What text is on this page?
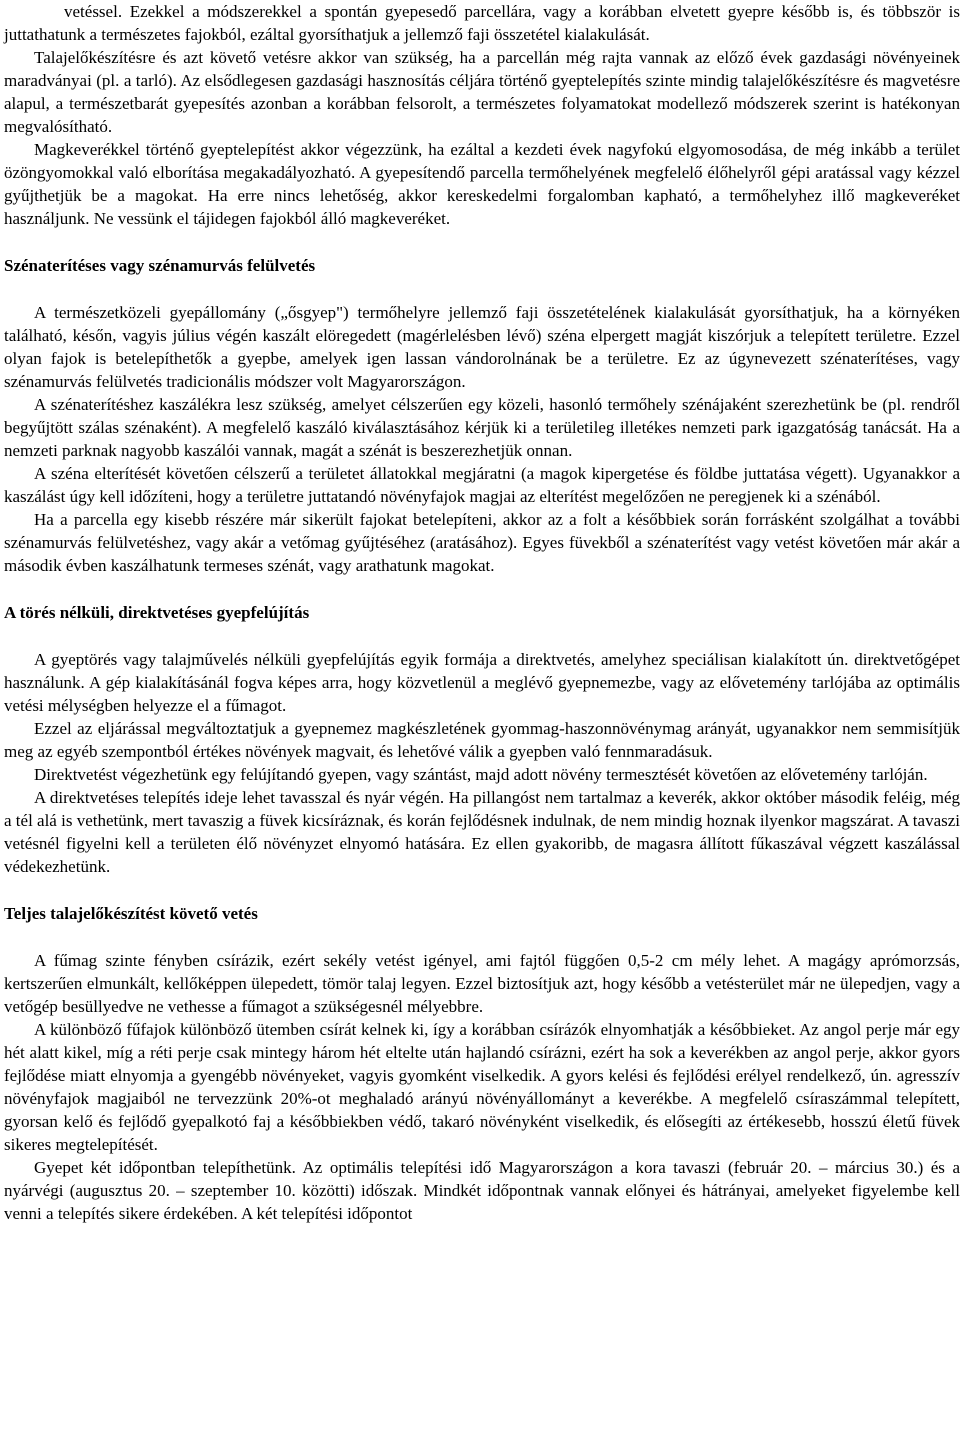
vetéssel. Ezekkel a módszerekkel a spontán gyepesedő parcellára, vagy a korábban elvetett gyepre később is, és többször is juttathatunk a természetes fajokból, ezáltal gyorsíthatjuk a jellemző faji összetétel kialakulását.

Talajelőkészítésre és azt követő vetésre akkor van szükség, ha a parcellán még rajta vannak az előző évek gazdasági növényeinek maradványai (pl. a tarló). Az elsődlegesen gazdasági hasznosítás céljára történő gyeptelepítés szinte mindig talajelőkészítésre és magvetésre alapul, a természetbarát gyepesítés azonban a korábban felsorolt, a természetes folyamatokat modellező módszerek szerint is hatékonyan megvalósítható.

Magkeverékkel történő gyeptelepítést akkor végezzünk, ha ezáltal a kezdeti évek nagyfokú elgyomosodása, de még inkább a terület özöngyomokkal való elborítása megakadályozható. A gyepesítendő parcella termőhelyének megfelelő élőhelyről gépi aratással vagy kézzel gyűjthetjük be a magokat. Ha erre nincs lehetőség, akkor kereskedelmi forgalomban kapható, a termőhelyhez illő magkeveréket használjunk. Ne vessünk el tájidegen fajokból álló magkeveréket.

Szénaterítéses vagy szénamurvás felülvetés

A természetközeli gyepállomány („ősgyep") termőhelyre jellemző faji összetételének kialakulását gyorsíthatjuk, ha a környéken található, későn, vagyis július végén kaszált elöregedett (magérlelésben lévő) széna elpergett magját kiszórjuk a telepített területre. Ezzel olyan fajok is betelepíthetők a gyepbe, amelyek igen lassan vándorolnának be a területre. Ez az úgynevezett szénaterítéses, vagy szénamurvás felülvetés tradicionális módszer volt Magyarországon.

A szénaterítéshez kaszálékra lesz szükség, amelyet célszerűen egy közeli, hasonló termőhely szénájaként szerezhetünk be (pl. rendről begyűjtött szálas szénaként). A megfelelő kaszáló kiválasztásához kérjük ki a területileg illetékes nemzeti park igazgatóság tanácsát. Ha a nemzeti parknak nagyobb kaszálói vannak, magát a szénát is beszerezhetjük onnan.

A széna elterítését követően célszerű a területet állatokkal megjáratni (a magok kipergetése és földbe juttatása végett). Ugyanakkor a kaszálást úgy kell időzíteni, hogy a területre juttatandó növényfajok magjai az elterítést megelőzően ne peregjenek ki a szénából.

Ha a parcella egy kisebb részére már sikerült fajokat betelepíteni, akkor az a folt a későbbiek során forrásként szolgálhat a további szénamurvás felülvetéshez, vagy akár a vetőmag gyűjtéséhez (aratásához). Egyes füvekből a szénaterítést vagy vetést követően már akár a második évben kaszálhatunk termeses szénát, vagy arathatunk magokat.

A törés nélküli, direktvetéses gyepfelújítás

A gyeptörés vagy talajművelés nélküli gyepfelújítás egyik formája a direktvetés, amelyhez speciálisan kialakított ún. direktvetőgépet használunk. A gép kialakításánál fogva képes arra, hogy közvetlenül a meglévő gyepnemezbe, vagy az elővetemény tarlójába az optimális vetési mélységben helyezze el a fűmagot.

Ezzel az eljárással megváltoztatjuk a gyepnemez magkészletének gyommag-haszonnövénymag arányát, ugyanakkor nem semmisítjük meg az egyéb szempontból értékes növények magvait, és lehetővé válik a gyepben való fennmaradásuk.

Direktvetést végezhetünk egy felújítandó gyepen, vagy szántást, majd adott növény termesztését követően az elővetemény tarlóján.

A direktvetéses telepítés ideje lehet tavasszal és nyár végén. Ha pillangóst nem tartalmaz a keverék, akkor október második feléig, még a tél alá is vethetünk, mert tavaszig a füvek kicsíráznak, és korán fejlődésnek indulnak, de nem mindig hoznak ilyenkor magszárat. A tavaszi vetésnél figyelni kell a területen élő növényzet elnyomó hatására. Ez ellen gyakoribb, de magasra állított fűkaszával végzett kaszálással védekezhetünk.

Teljes talajelőkészítést követő vetés

A fűmag szinte fényben csírázik, ezért sekély vetést igényel, ami fajtól függően 0,5-2 cm mély lehet. A magágy aprómorzsás, kertszerűen elmunkált, kellőképpen ülepedett, tömör talaj legyen. Ezzel biztosítjuk azt, hogy később a vetésterület már ne ülepedjen, vagy a vetőgép besüllyedve ne vethesse a fűmagot a szükségesnél mélyebbre.

A különböző fűfajok különböző ütemben csírát kelnek ki, így a korábban csírázók elnyomhatják a későbbieket. Az angol perje már egy hét alatt kikel, míg a réti perje csak mintegy három hét eltelte után hajlandó csírázni, ezért ha sok a keverékben az angol perje, akkor gyors fejlődése miatt elnyomja a gyengébb növényeket, vagyis gyomként viselkedik. A gyors kelési és fejlődési erélyel rendelkező, ún. agresszív növényfajok magjaiból ne tervezzünk 20%-ot meghaladó arányú növényállományt a keverékbe. A megfelelő csíraszámmal telepített, gyorsan kelő és fejlődő gyepalkotó faj a későbbiekben védő, takaró növényként viselkedik, és elősegíti az értékesebb, hosszú életű füvek sikeres megtelepítését.

Gyepet két időpontban telepíthetünk. Az optimális telepítési idő Magyarországon a kora tavaszi (február 20. – március 30.) és a nyárvégi (augusztus 20. – szeptember 10. közötti) időszak. Mindkét időpontnak vannak előnyei és hátrányai, amelyeket figyelembe kell venni a telepítés sikere érdekében. A két telepítési időpontot
